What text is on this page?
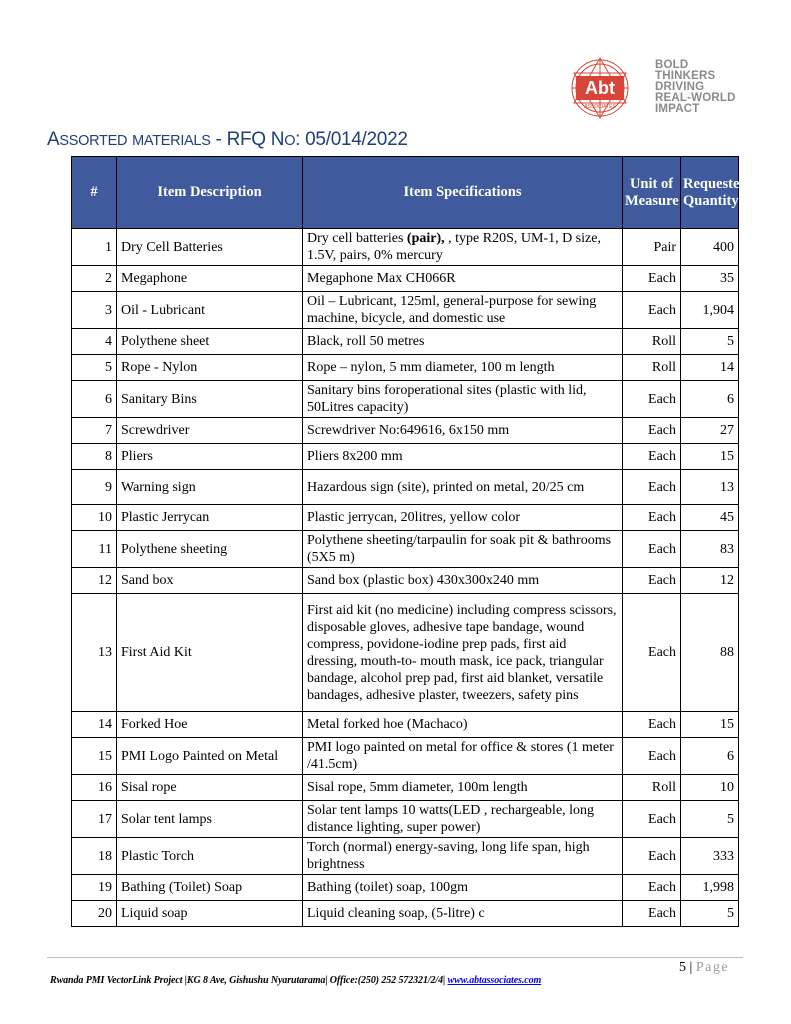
Abt
ASSOCIATES
BOLD
THINKERS
DRIVING
REAL-WORLD
IMPACT
ASSORTED MATERIALS - RFQ NO: 05/014/2022
#	Item Description	Item Specifications	Unit of Measure	Requested Quantity
1	Dry Cell Batteries	Dry cell batteries (pair), , type R20S, UM-1, D size, 1.5V, pairs, 0% mercury	Pair	400
2	Megaphone	Megaphone Max CH066R	Each	35
3	Oil - Lubricant	Oil – Lubricant, 125ml, general-purpose for sewing machine, bicycle, and domestic use	Each	1,904
4	Polythene sheet	Black, roll 50 metres	Roll	5
5	Rope - Nylon	Rope – nylon, 5 mm diameter, 100 m length	Roll	14
6	Sanitary Bins	Sanitary bins foroperational sites (plastic with lid, 50Litres capacity)	Each	6
7	Screwdriver	Screwdriver No:649616, 6x150 mm	Each	27
8	Pliers	Pliers 8x200 mm	Each	15
9	Warning sign	Hazardous sign (site), printed on metal, 20/25 cm	Each	13
10	Plastic Jerrycan	Plastic jerrycan, 20litres, yellow color	Each	45
11	Polythene sheeting	Polythene sheeting/tarpaulin for soak pit & bathrooms (5X5 m)	Each	83
12	Sand box	Sand box (plastic box) 430x300x240 mm	Each	12
13	First Aid Kit	First aid kit (no medicine) including compress scissors, disposable gloves, adhesive tape bandage, wound compress, povidone-iodine prep pads, first aid dressing, mouth-to- mouth mask, ice pack, triangular bandage, alcohol prep pad, first aid blanket, versatile bandages, adhesive plaster, tweezers, safety pins	Each	88
14	Forked Hoe	Metal forked hoe (Machaco)	Each	15
15	PMI Logo Painted on Metal	PMI logo painted on metal for office & stores (1 meter /41.5cm)	Each	6
16	Sisal rope	Sisal rope, 5mm diameter, 100m length	Roll	10
17	Solar tent lamps	Solar tent lamps 10 watts(LED , rechargeable, long distance lighting, super power)	Each	5
18	Plastic Torch	Torch (normal) energy-saving, long life span, high brightness	Each	333
19	Bathing (Toilet) Soap	Bathing (toilet) soap, 100gm	Each	1,998
20	Liquid soap	Liquid cleaning soap, (5-litre) c	Each	5
5 | Page
Rwanda PMI VectorLink Project |KG 8 Ave, Gishushu Nyarutarama| Office:(250) 252 572321/2/4| www.abtassociates.com
